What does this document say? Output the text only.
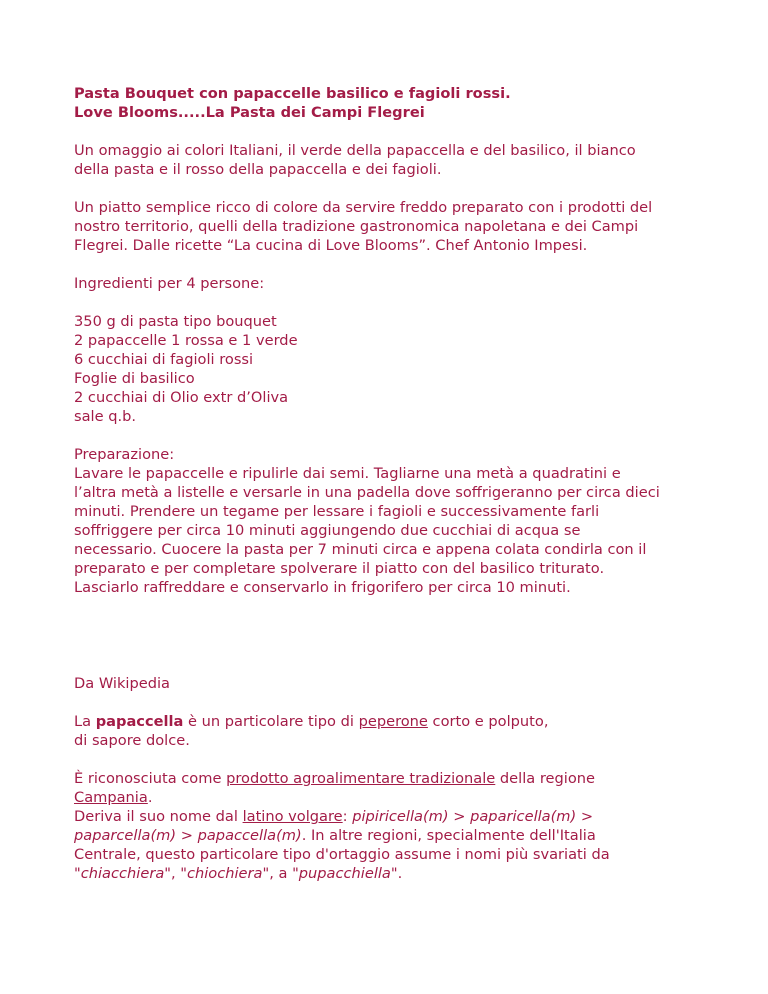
Pasta Bouquet con papaccelle basilico e fagioli rossi.

Love Blooms.....La Pasta dei Campi Flegrei

Un omaggio ai colori Italiani, il verde della papaccella e del basilico, il bianco

della pasta e il rosso della papaccella e dei fagioli.

Un piatto semplice ricco di colore da servire freddo preparato con i prodotti del

nostro territorio, quelli della tradizione gastronomica napoletana e dei Campi

Flegrei. Dalle ricette “La cucina di Love Blooms”. Chef Antonio Impesi.

Ingredienti per 4 persone:

350 g di pasta tipo bouquet

2 papaccelle 1 rossa e 1 verde

6 cucchiai di fagioli rossi

Foglie di basilico

2 cucchiai di Olio extr d’Oliva

sale q.b.

Preparazione:

Lavare le papaccelle e ripulirle dai semi. Tagliarne una metà a quadratini e

l’altra metà a listelle e versarle in una padella dove soffrigeranno per circa dieci

minuti. Prendere un tegame per lessare i fagioli e successivamente farli

soffriggere per circa 10 minuti aggiungendo due cucchiai di acqua se

necessario. Cuocere la pasta per 7 minuti circa e appena colata condirla con il

preparato e per completare spolverare il piatto con del basilico triturato.

Lasciarlo raffreddare e conservarlo in frigorifero per circa 10 minuti.

Da Wikipedia

La papaccella è un particolare tipo di peperone corto e polputo,

di sapore dolce.

È riconosciuta come prodotto agroalimentare tradizionale della regione

Campania.

Deriva il suo nome dal latino volgare: pipiricella(m) > paparicella(m) >

paparcella(m) > papaccella(m). In altre regioni, specialmente dell'Italia

Centrale, questo particolare tipo d'ortaggio assume i nomi più svariati da

"chiacchiera", "chiochiera", a "pupacchiella".
